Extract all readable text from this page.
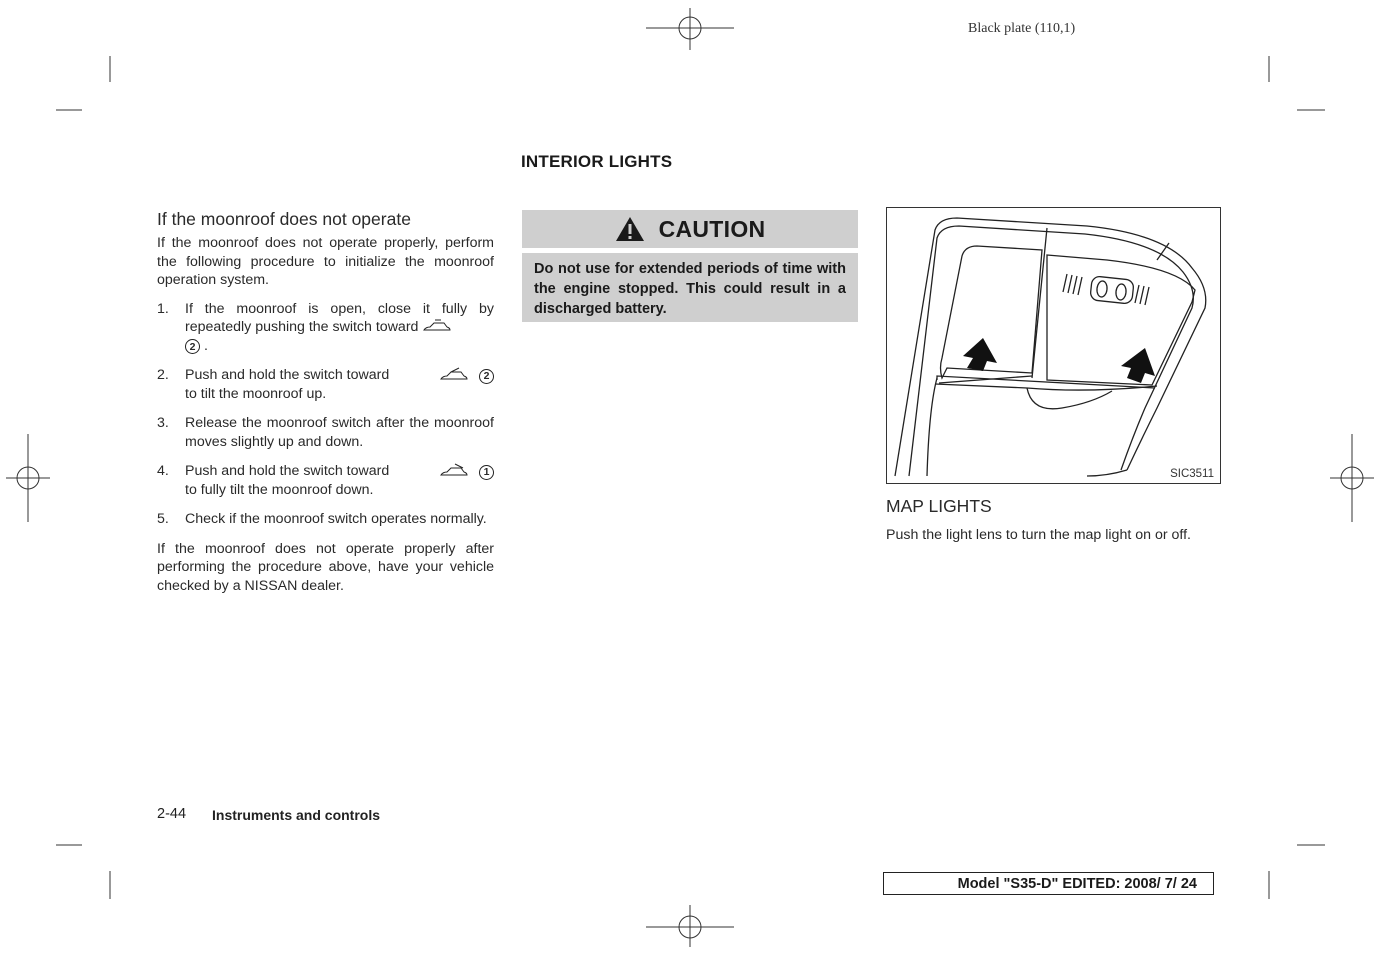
Black plate (110,1)
INTERIOR LIGHTS
If the moonroof does not operate

If the moonroof does not operate properly, perform the following procedure to initialize the moonroof operation system.

1.	If the moonroof is open, close it fully by repeatedly pushing the switch toward
2 .
2.	Push and hold the switch toward	2

to tilt the moonroof up.
3.	Release the moonroof switch after the moonroof moves slightly up and down.
4.	Push and hold the switch toward	1

to fully tilt the moonroof down.
5.	Check if the moonroof switch operates normally.

If the moonroof does not operate properly after performing the procedure above, have your vehicle checked by a NISSAN dealer.

CAUTION
Do not use for extended periods of time with the engine stopped. This could result in a discharged battery.
SIC3511
MAP LIGHTS
Push the light lens to turn the map light on or off.
2-44 Instruments and controls
Model "S35-D" EDITED: 2008/ 7/ 24
